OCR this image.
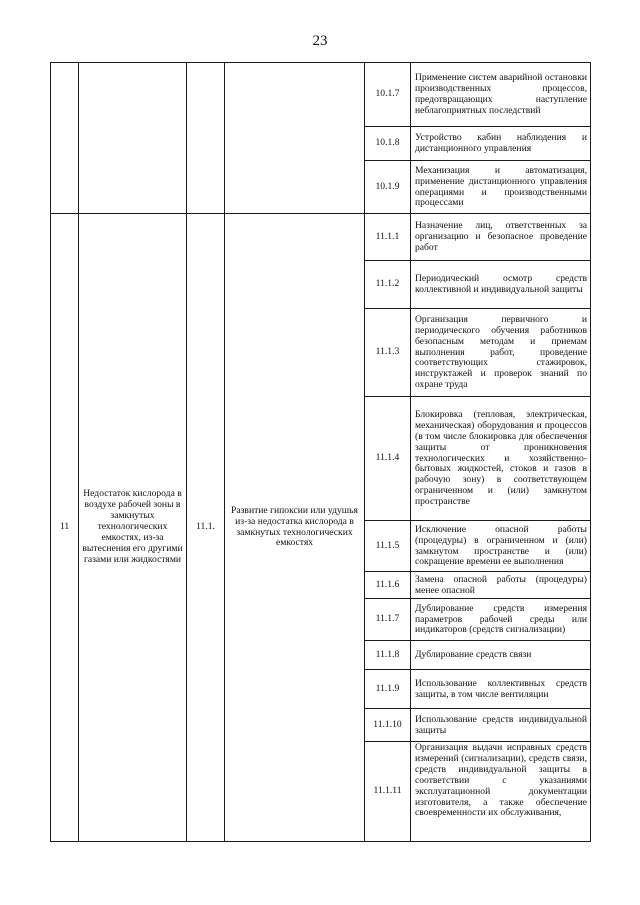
23
				10.1.7	Применение систем аварийной остановки производственных процессов, предотвращающих наступление неблагоприятных последствий
				10.1.8	Устройство кабин наблюдения и дистанционного управления
				10.1.9	Механизация и автоматизация, применение дистанционного управления операциями и производственными процессами
11	Недостаток кислорода в воздухе рабочей зоны в замкнутых технологических емкостях, из-за вытеснения его другими газами или жидкостями	11.1.	Развитие гипоксии или удушья из-за недостатка кислорода в замкнутых технологических емкостях	11.1.1	Назначение лиц, ответственных за организацию и безопасное проведение работ
				11.1.2	Периодический осмотр средств коллективной и индивидуальной защиты
				11.1.3	Организация первичного и периодического обучения работников безопасным методам и приемам выполнения работ, проведение соответствующих стажировок, инструктажей и проверок знаний по охране труда
				11.1.4	Блокировка (тепловая, электрическая, механическая) оборудования и процессов (в том числе блокировка для обеспечения защиты от проникновения технологических и хозяйственно-бытовых жидкостей, стоков и газов в рабочую зону) в соответствующем ограниченном и (или) замкнутом пространстве
				11.1.5	Исключение опасной работы (процедуры) в ограниченном и (или) замкнутом пространстве и (или) сокращение времени ее выполнения
				11.1.6	Замена опасной работы (процедуры) менее опасной
				11.1.7	Дублирование средств измерения параметров рабочей среды или индикаторов (средств сигнализации)
				11.1.8	Дублирование средств связи
				11.1.9	Использование коллективных средств защиты, в том числе вентиляции
				11.1.10	Использование средств индивидуальной защиты
				11.1.11	Организация выдачи исправных средств измерений (сигнализации), средств связи, средств индивидуальной защиты в соответствии с указаниями эксплуатационной документации изготовителя, а также обеспечение своевременности их обслуживания,
